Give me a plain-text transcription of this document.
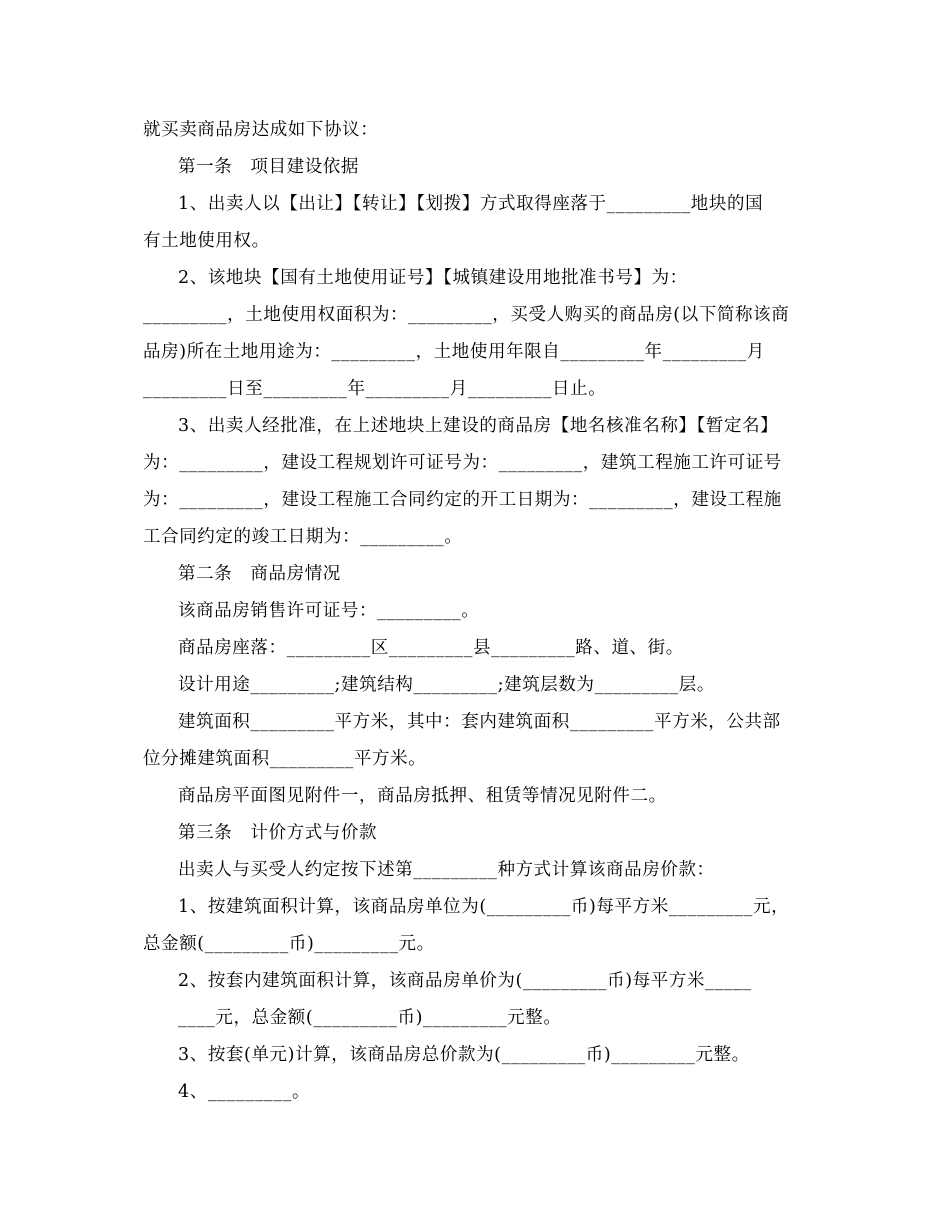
就买卖商品房达成如下协议：
第一条　项目建设依据
1、出卖人以【出让】【转让】【划拨】方式取得座落于_________地块的国
有土地使用权。
2、该地块【国有土地使用证号】【城镇建设用地批准书号】为：
_________，土地使用权面积为：_________，买受人购买的商品房(以下简称该商
品房)所在土地用途为：_________，土地使用年限自_________年_________月
_________日至_________年_________月_________日止。
3、出卖人经批准，在上述地块上建设的商品房【地名核准名称】【暂定名】
为：_________，建设工程规划许可证号为：_________，建筑工程施工许可证号
为：_________，建设工程施工合同约定的开工日期为：_________，建设工程施
工合同约定的竣工日期为：_________。
第二条　商品房情况
该商品房销售许可证号：_________。
商品房座落：_________区_________县_________路、道、街。
设计用途_________;建筑结构_________;建筑层数为_________层。
建筑面积_________平方米，其中：套内建筑面积_________平方米，公共部
位分摊建筑面积_________平方米。
商品房平面图见附件一，商品房抵押、租赁等情况见附件二。
第三条　计价方式与价款
出卖人与买受人约定按下述第_________种方式计算该商品房价款：
1、按建筑面积计算，该商品房单位为(_________币)每平方米_________元，
总金额(_________币)_________元。
2、按套内建筑面积计算，该商品房单价为(_________币)每平方米_____
____元，总金额(_________币)_________元整。
3、按套(单元)计算，该商品房总价款为(_________币)_________元整。
4、_________。
